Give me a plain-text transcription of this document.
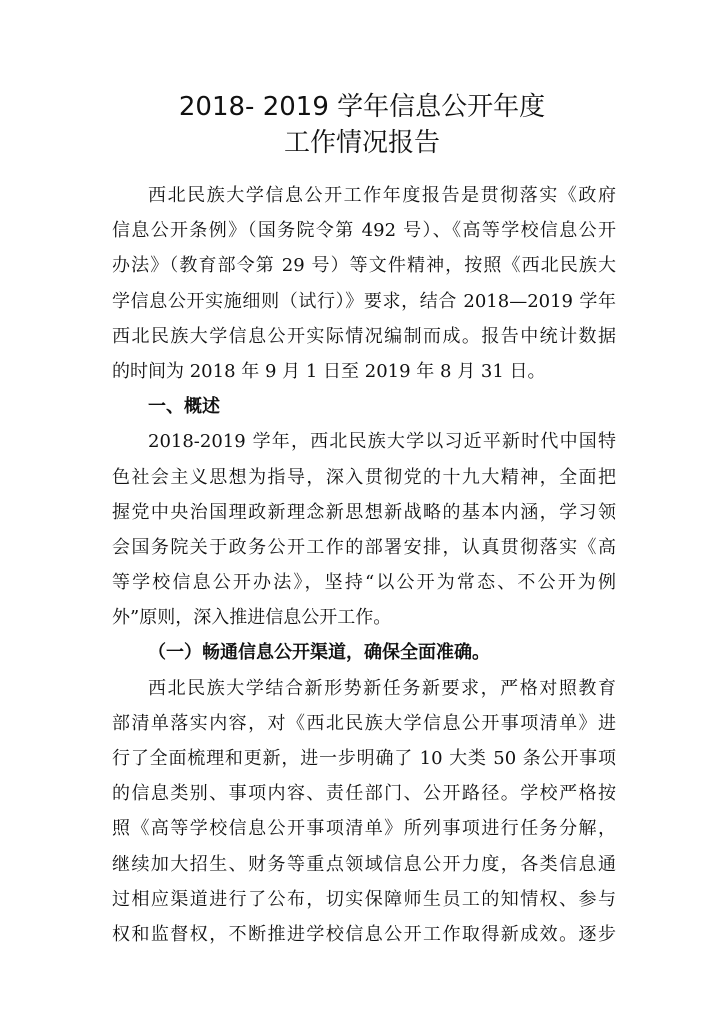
2018- 2019 学年信息公开年度
工作情况报告
西北民族大学信息公开工作年度报告是贯彻落实《政府
信息公开条例》（国务院令第 492 号）、《高等学校信息公开
办法》（教育部令第 29 号）等文件精神，按照《西北民族大
学信息公开实施细则（试行）》要求，结合 2018—2019 学年
西北民族大学信息公开实际情况编制而成。报告中统计数据
的时间为 2018 年 9 月 1 日至 2019 年 8 月 31 日。
一、概述
2018-2019 学年，西北民族大学以习近平新时代中国特
色社会主义思想为指导，深入贯彻党的十九大精神，全面把
握党中央治国理政新理念新思想新战略的基本内涵，学习领
会国务院关于政务公开工作的部署安排，认真贯彻落实《高
等学校信息公开办法》，坚持“以公开为常态、不公开为例
外”原则，深入推进信息公开工作。
（一）畅通信息公开渠道，确保全面准确。
西北民族大学结合新形势新任务新要求，严格对照教育
部清单落实内容，对《西北民族大学信息公开事项清单》进
行了全面梳理和更新，进一步明确了 10 大类 50 条公开事项
的信息类别、事项内容、责任部门、公开路径。学校严格按
照《高等学校信息公开事项清单》所列事项进行任务分解，
继续加大招生、财务等重点领域信息公开力度，各类信息通
过相应渠道进行了公布，切实保障师生员工的知情权、参与
权和监督权，不断推进学校信息公开工作取得新成效。逐步
